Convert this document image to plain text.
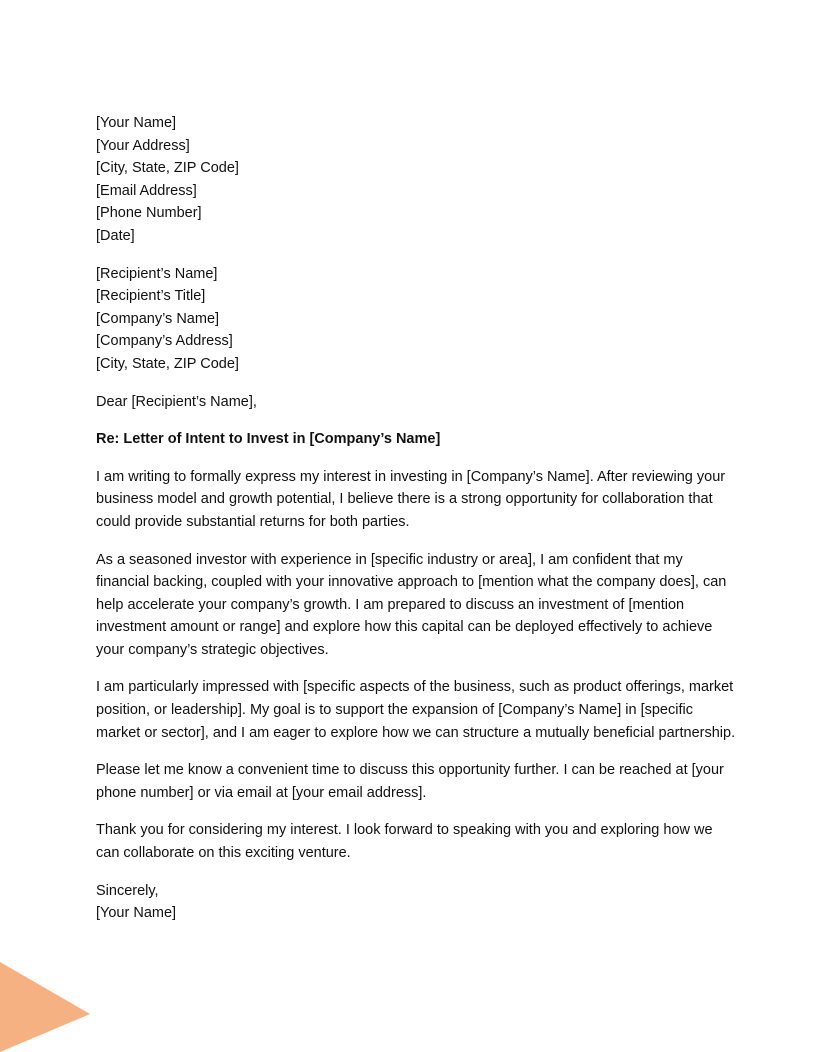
[Your Name]

[Your Address]

[City, State, ZIP Code]

[Email Address]

[Phone Number]

[Date]

[Recipient’s Name]

[Recipient’s Title]

[Company’s Name]

[Company’s Address]

[City, State, ZIP Code]

Dear [Recipient’s Name],

Re: Letter of Intent to Invest in [Company’s Name]

I am writing to formally express my interest in investing in [Company’s Name]. After reviewing your business model and growth potential, I believe there is a strong opportunity for collaboration that could provide substantial returns for both parties.

As a seasoned investor with experience in [specific industry or area], I am confident that my financial backing, coupled with your innovative approach to [mention what the company does], can help accelerate your company’s growth. I am prepared to discuss an investment of [mention investment amount or range] and explore how this capital can be deployed effectively to achieve your company’s strategic objectives.

I am particularly impressed with [specific aspects of the business, such as product offerings, market position, or leadership]. My goal is to support the expansion of [Company’s Name] in [specific market or sector], and I am eager to explore how we can structure a mutually beneficial partnership.

Please let me know a convenient time to discuss this opportunity further. I can be reached at [your phone number] or via email at [your email address].

Thank you for considering my interest. I look forward to speaking with you and exploring how we can collaborate on this exciting venture.

Sincerely,

[Your Name]
